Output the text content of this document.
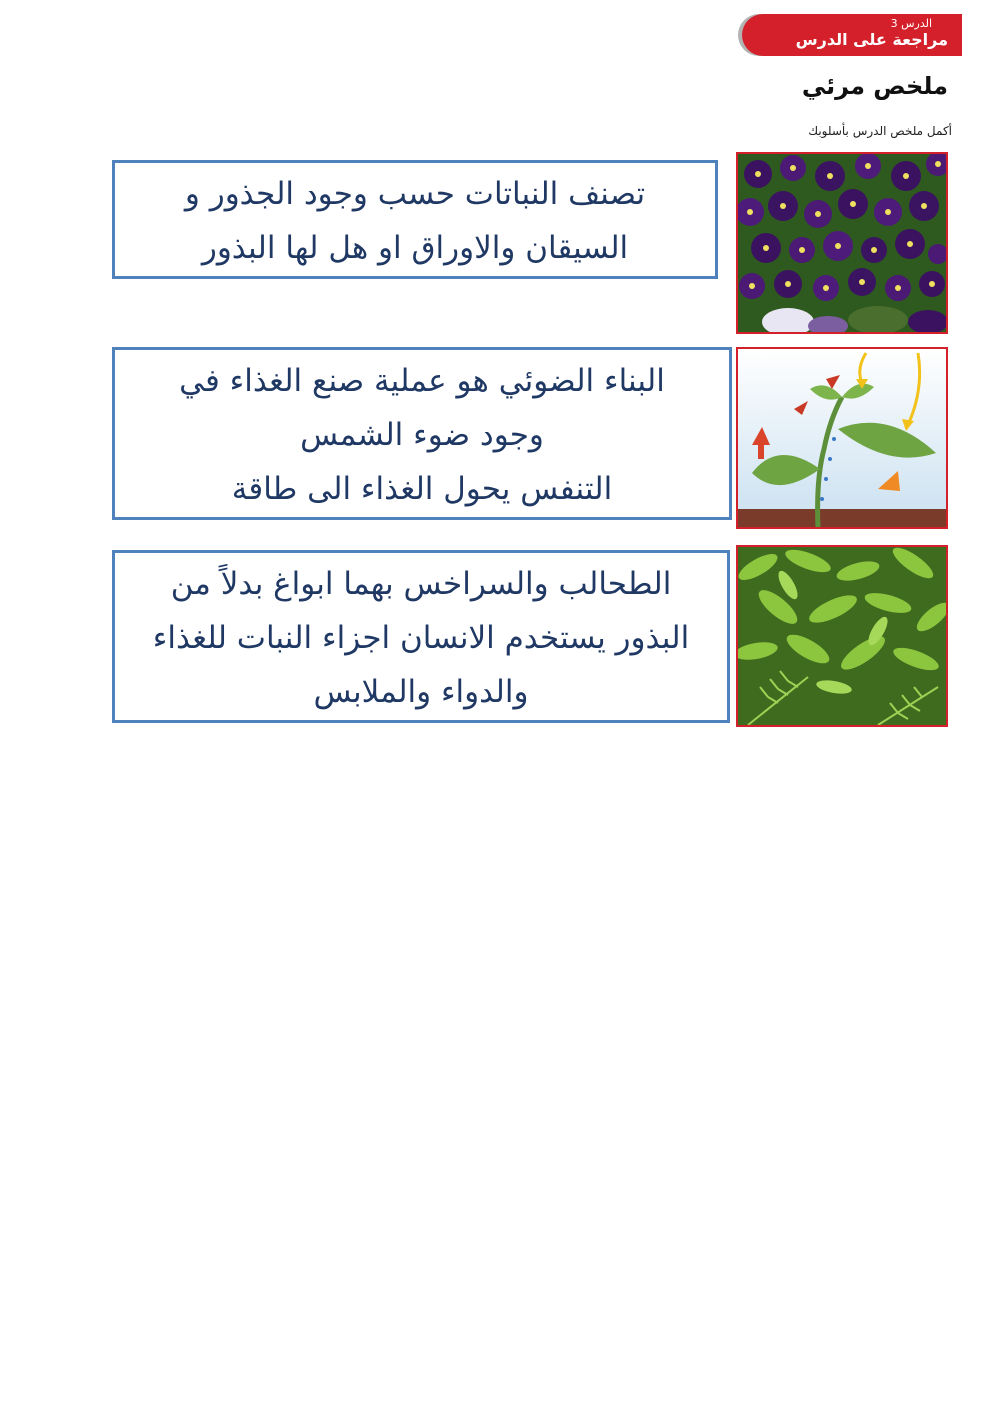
الدرس 3
مراجعة على الدرس
ملخص مرئي
أكمل ملخص الدرس بأسلوبك
تصنف النباتات حسب وجود الجذور و
السيقان والاوراق او هل لها البذور
البناء الضوئي هو عملية صنع الغذاء في
وجود ضوء الشمس
التنفس يحول الغذاء الى طاقة
الطحالب والسراخس بهما ابواغ بدلاً من
البذور يستخدم الانسان اجزاء النبات للغذاء
والدواء والملابس
